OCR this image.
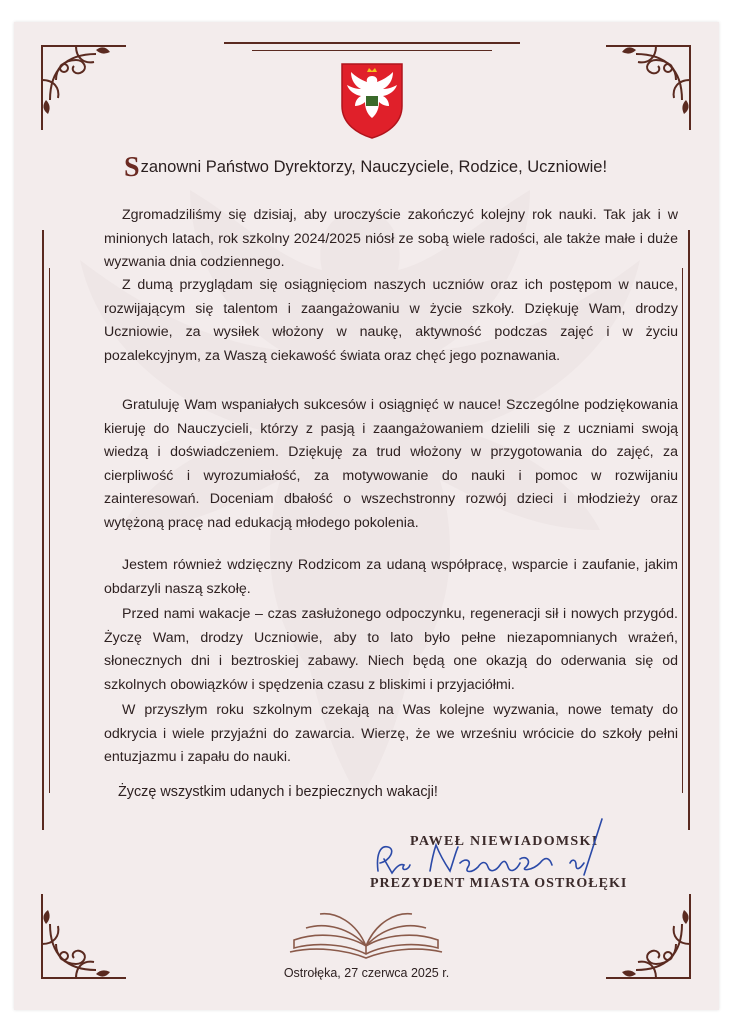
Szanowni Państwo Dyrektorzy, Nauczyciele, Rodzice, Uczniowie!
Zgromadziliśmy się dzisiaj, aby uroczyście zakończyć kolejny rok nauki. Tak jak i w minionych latach, rok szkolny 2024/2025 niósł ze sobą wiele radości, ale także małe i duże wyzwania dnia codziennego.
Z dumą przyglądam się osiągnięciom naszych uczniów oraz ich postępom w nauce, rozwijającym się talentom i zaangażowaniu w życie szkoły. Dziękuję Wam, drodzy Uczniowie, za wysiłek włożony w naukę, aktywność podczas zajęć i w życiu pozalekcyjnym, za Waszą ciekawość świata oraz chęć jego poznawania.
Gratuluję Wam wspaniałych sukcesów i osiągnięć w nauce! Szczególne podziękowania kieruję do Nauczycieli, którzy z pasją i zaangażowaniem dzielili się z uczniami swoją wiedzą i doświadczeniem. Dziękuję za trud włożony w przygotowania do zajęć, za cierpliwość i wyrozumiałość, za motywowanie do nauki i pomoc w rozwijaniu zainteresowań. Doceniam dbałość o wszechstronny rozwój dzieci i młodzieży oraz wytężoną pracę nad edukacją młodego pokolenia.
Jestem również wdzięczny Rodzicom za udaną współpracę, wsparcie i zaufanie, jakim obdarzyli naszą szkołę.
Przed nami wakacje – czas zasłużonego odpoczynku, regeneracji sił i nowych przygód. Życzę Wam, drodzy Uczniowie, aby to lato było pełne niezapomnianych wrażeń, słonecznych dni i beztroskiej zabawy. Niech będą one okazją do oderwania się od szkolnych obowiązków i spędzenia czasu z bliskimi i przyjaciółmi.
W przyszłym roku szkolnym czekają na Was kolejne wyzwania, nowe tematy do odkrycia i wiele przyjaźni do zawarcia. Wierzę, że we wrześniu wrócicie do szkoły pełni entuzjazmu i zapału do nauki.
Życzę wszystkim udanych i bezpiecznych wakacji!
PAWEŁ NIEWIADOMSKI
PREZYDENT MIASTA OSTROŁĘKI
Ostrołęka, 27 czerwca 2025 r.
